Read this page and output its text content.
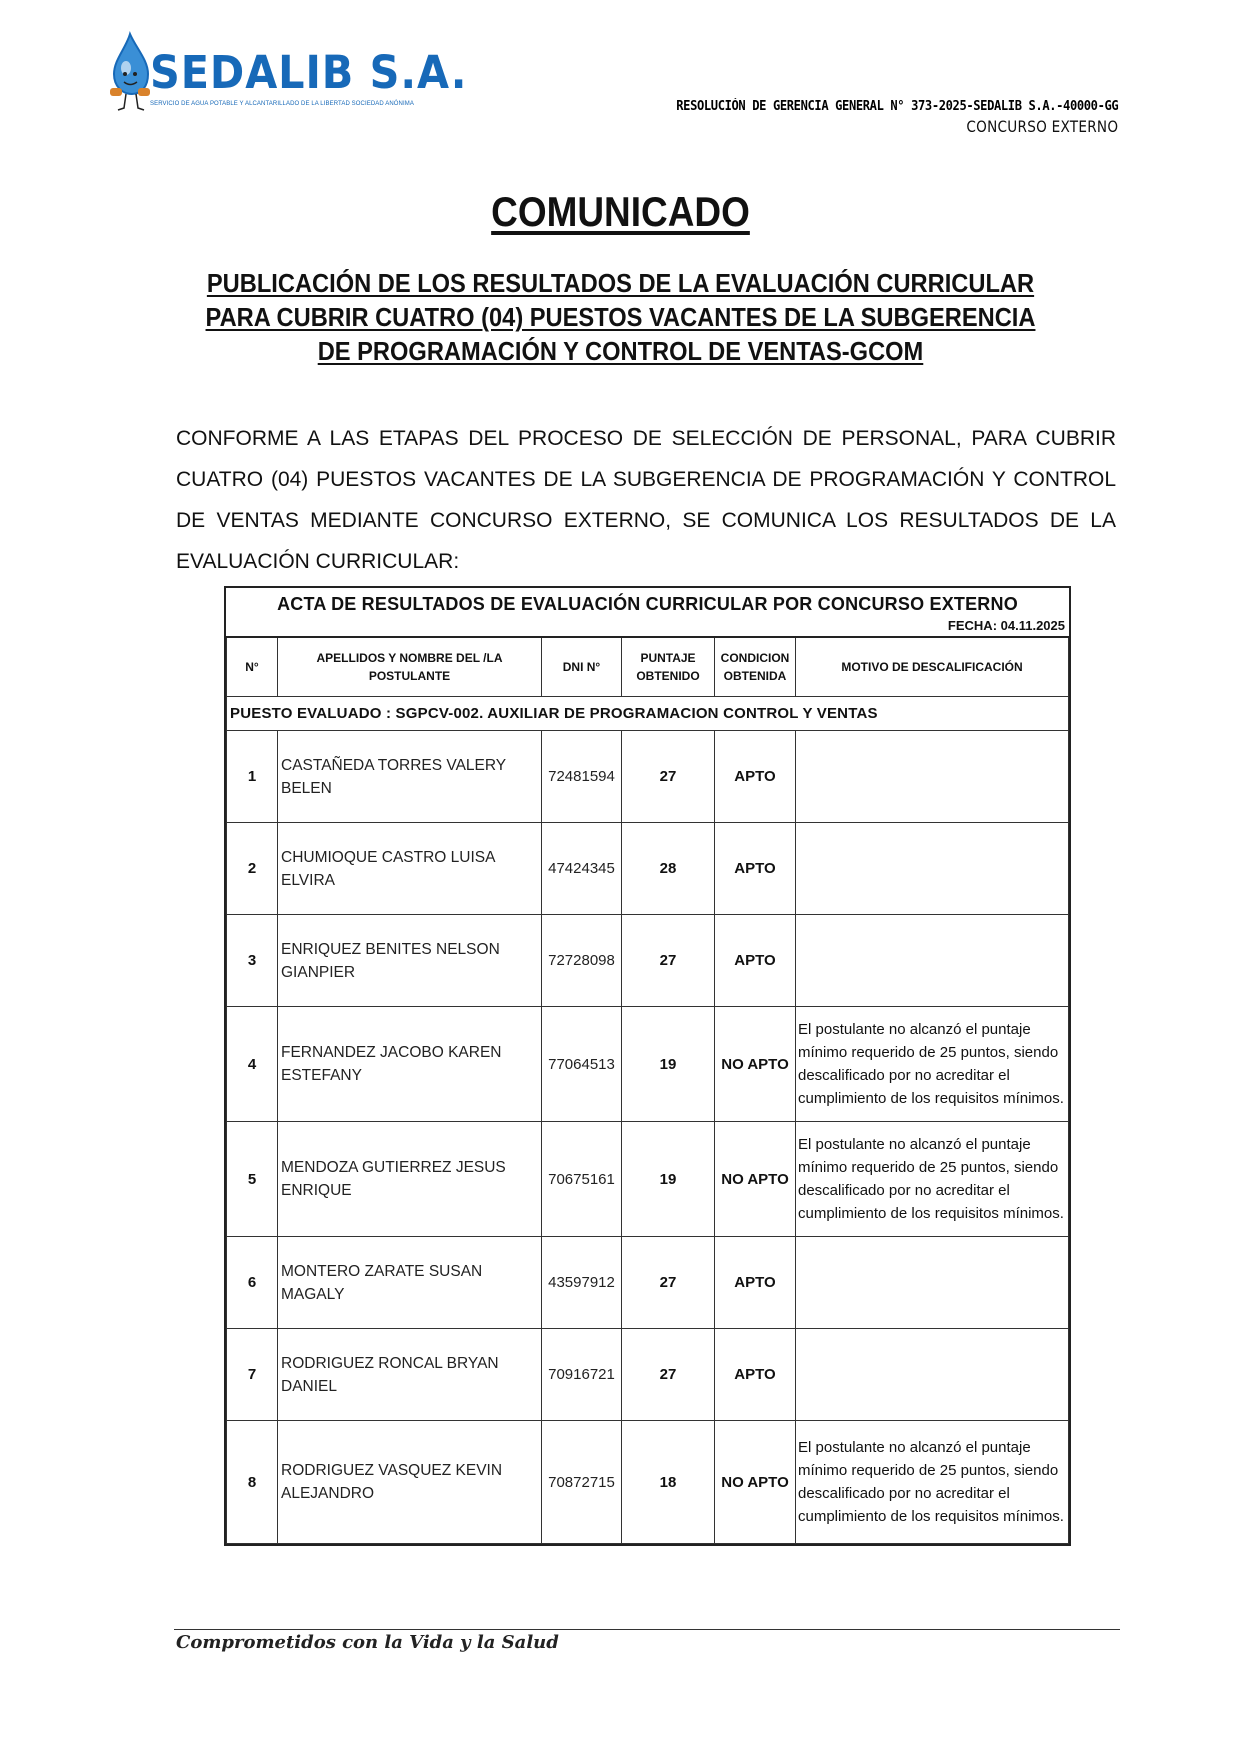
SEDALIB S.A.
SERVICIO DE AGUA POTABLE Y ALCANTARILLADO DE LA LIBERTAD SOCIEDAD ANÓNIMA	RESOLUCIÓN DE GERENCIA GENERAL N° 373-2025-SEDALIB S.A.-40000-GG
CONCURSO EXTERNO
COMUNICADO
PUBLICACIÓN DE LOS RESULTADOS DE LA EVALUACIÓN CURRICULAR PARA CUBRIR CUATRO (04) PUESTOS VACANTES DE LA SUBGERENCIA DE PROGRAMACIÓN Y CONTROL DE VENTAS-GCOM
CONFORME A LAS ETAPAS DEL PROCESO DE SELECCIÓN DE PERSONAL, PARA CUBRIR CUATRO (04) PUESTOS VACANTES DE LA SUBGERENCIA DE PROGRAMACIÓN Y CONTROL DE VENTAS MEDIANTE CONCURSO EXTERNO, SE COMUNICA LOS RESULTADOS DE LA EVALUACIÓN CURRICULAR:
ACTA DE RESULTADOS DE EVALUACIÓN CURRICULAR POR CONCURSO EXTERNO
FECHA: 04.11.2025
N°	APELLIDOS Y NOMBRE DEL /LA POSTULANTE	DNI N°	PUNTAJE OBTENIDO	CONDICION OBTENIDA	MOTIVO DE DESCALIFICACIÓN
PUESTO EVALUADO : SGPCV-002. AUXILIAR DE PROGRAMACION CONTROL Y VENTAS					
1	CASTAÑEDA TORRES VALERY BELEN	72481594	27	APTO	
2	CHUMIOQUE CASTRO LUISA ELVIRA	47424345	28	APTO	
3	ENRIQUEZ BENITES NELSON GIANPIER	72728098	27	APTO	
4	FERNANDEZ JACOBO KAREN ESTEFANY	77064513	19	NO APTO	El postulante no alcanzó el puntaje mínimo requerido de 25 puntos, siendo descalificado por no acreditar el cumplimiento de los requisitos mínimos.
5	MENDOZA GUTIERREZ JESUS ENRIQUE	70675161	19	NO APTO	El postulante no alcanzó el puntaje mínimo requerido de 25 puntos, siendo descalificado por no acreditar el cumplimiento de los requisitos mínimos.
6	MONTERO ZARATE SUSAN MAGALY	43597912	27	APTO	
7	RODRIGUEZ RONCAL BRYAN DANIEL	70916721	27	APTO	
8	RODRIGUEZ VASQUEZ KEVIN ALEJANDRO	70872715	18	NO APTO	El postulante no alcanzó el puntaje mínimo requerido de 25 puntos, siendo descalificado por no acreditar el cumplimiento de los requisitos mínimos.
Comprometidos con la Vida y la Salud
